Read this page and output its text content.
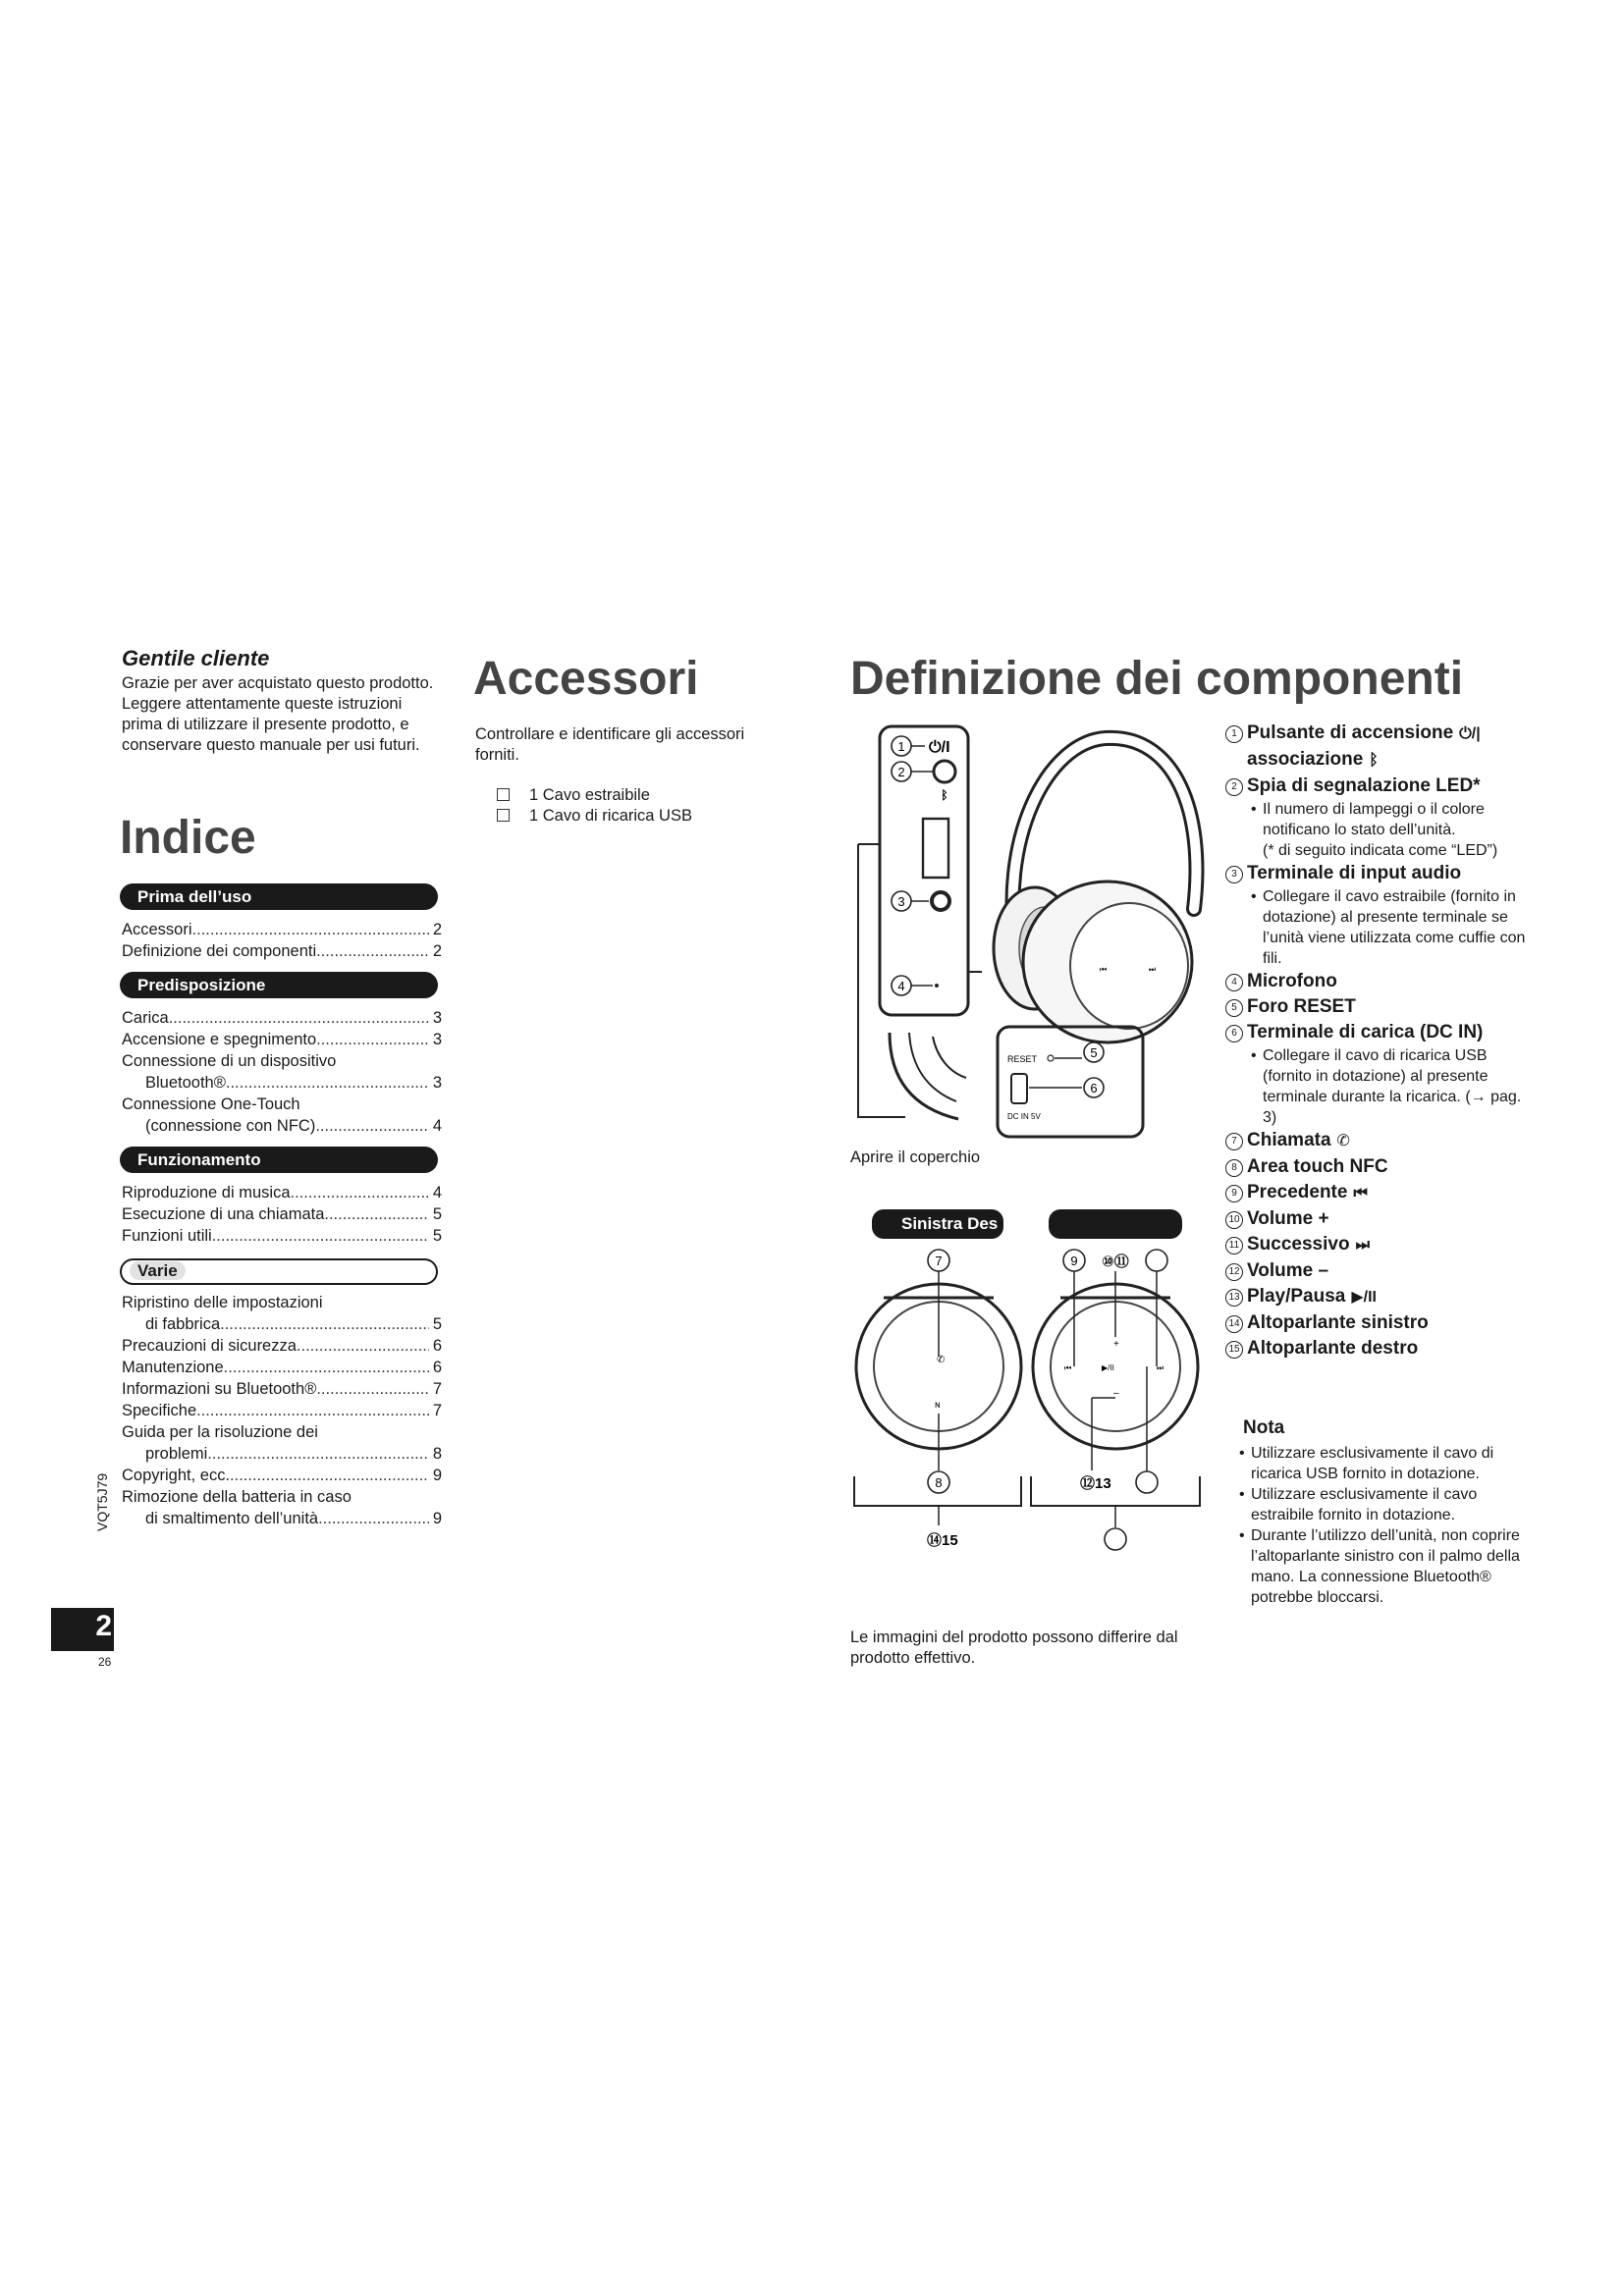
Gentile cliente
Grazie per aver acquistato questo prodotto.
Leggere attentamente queste istruzioni prima di utilizzare il presente prodotto, e conservare questo manuale per usi futuri.
Indice
Prima dell’uso
Accessori .....	2
Definizione dei componenti .....	2
Predisposizione
Carica .....	3
Accensione e spegnimento .....	3
Connessione di un dispositivo
Bluetooth® .....	3
Connessione One-Touch
(connessione con NFC) .....	4
Funzionamento
Riproduzione di musica .....	4
Esecuzione di una chiamata .....	5
Funzioni utili .....	5
Varie
Ripristino delle impostazioni
di fabbrica .....	5
Precauzioni di sicurezza .....	6
Manutenzione .....	6
Informazioni su Bluetooth® .....	7
Specifiche .....	7
Guida per la risoluzione dei
problemi .....	8
Copyright, ecc. .....	9
Rimozione della batteria in caso
di smaltimento dell’unità .....	9
VQT5J79
2
26
Accessori
Controllare e identificare gli accessori forniti.
1 Cavo estraibile
1 Cavo di ricarica USB
Definizione dei componenti
1 ⏻/I
2
ᛒ
3
4
⏮	⏭
RESET	5
6
DC IN 5V
Aprire il coperchio
Sinistra Des
7
✆
ɴ
8
9 ⑩⑪
+
⏮	⏭
▶/II
–
⑫13
⑭15
Le immagini del prodotto possono differire dal prodotto effettivo.
1 Pulsante di accensione ⏻/|
associazione ᛒ
2 Spia di segnalazione LED*
• Il numero di lampeggi o il colore notificano lo stato dell’unità.
(* di seguito indicata come “LED”)
3 Terminale di input audio
• Collegare il cavo estraibile (fornito in dotazione) al presente terminale se l’unità viene utilizzata come cuffie con fili.
4 Microfono
5 Foro RESET
6 Terminale di carica (DC IN)
• Collegare il cavo di ricarica USB (fornito in dotazione) al presente terminale durante la ricarica. (→ pag. 3)
7 Chiamata ✆
8 Area touch NFC
9 Precedente ⏮
10 Volume +
11 Successivo ⏭
12 Volume –
13 Play/Pausa ▶/II
14 Altoparlante sinistro
15 Altoparlante destro
Nota
• Utilizzare esclusivamente il cavo di ricarica USB fornito in dotazione.
• Utilizzare esclusivamente il cavo estraibile fornito in dotazione.
• Durante l’utilizzo dell’unità, non coprire l’altoparlante sinistro con il palmo della mano. La connessione Bluetooth® potrebbe bloccarsi.
